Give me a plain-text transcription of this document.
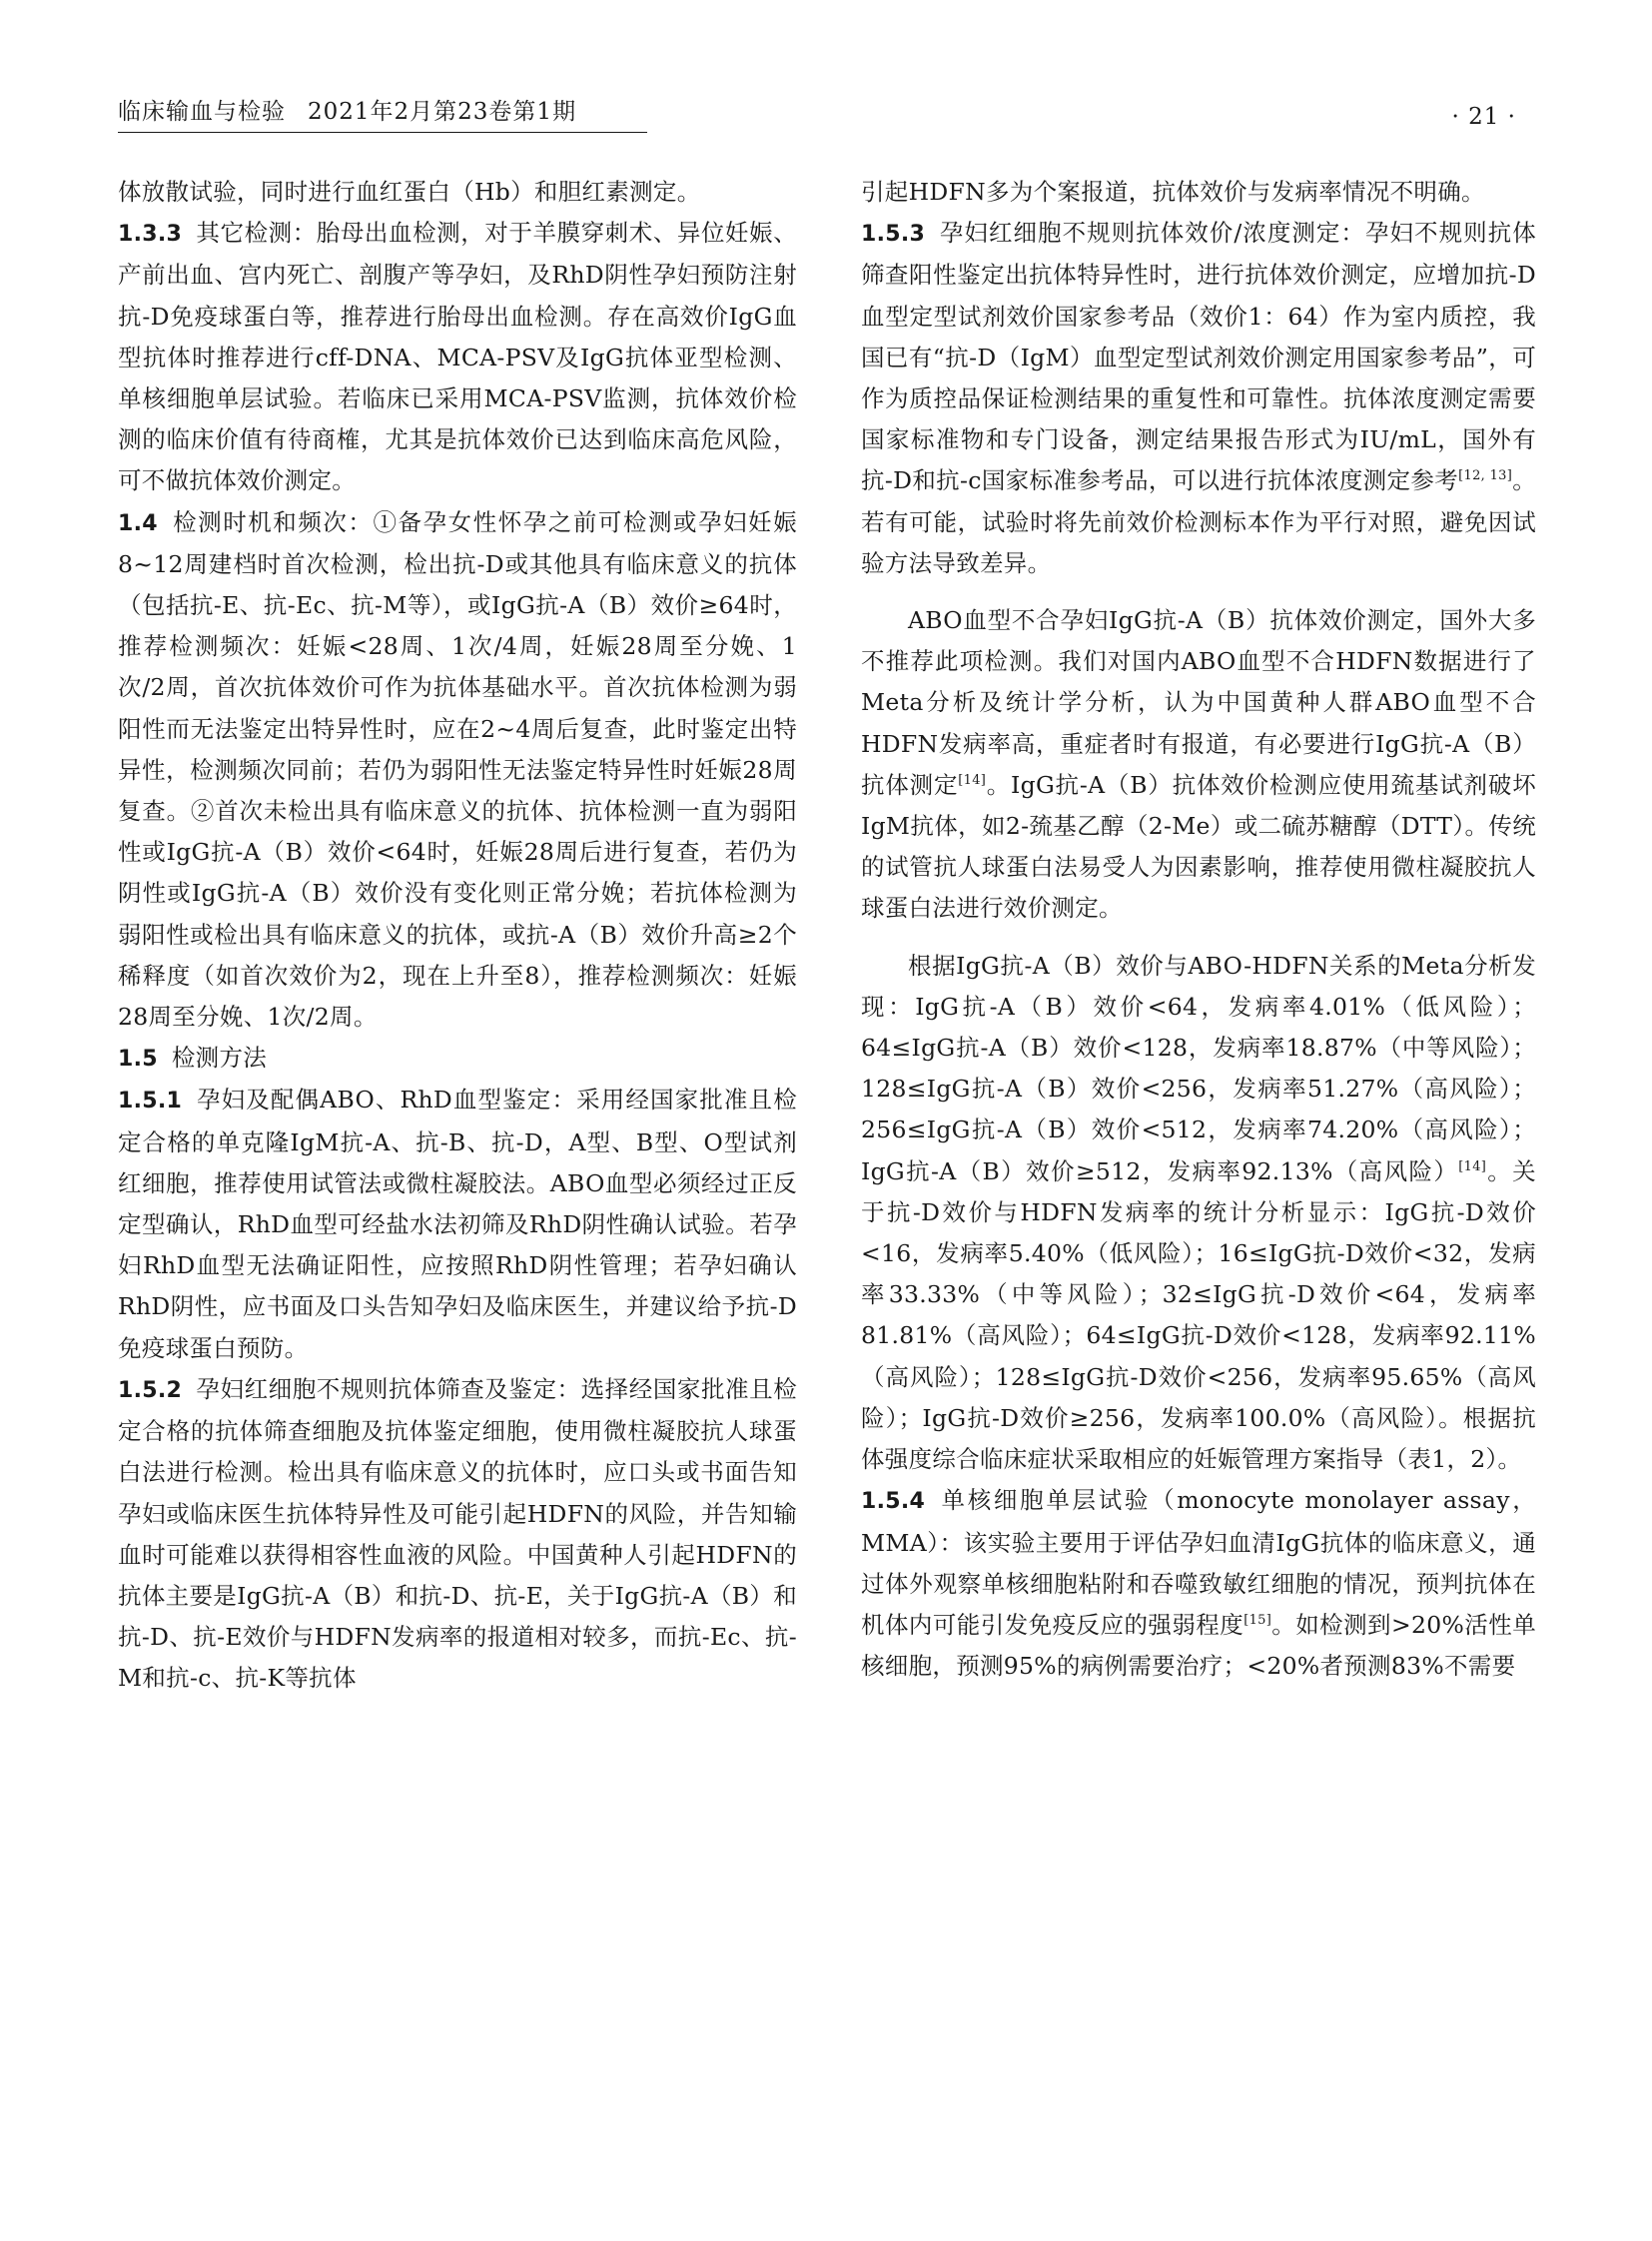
临床输血与检验 2021年2月第23卷第1期	· 21 ·

体放散试验，同时进行血红蛋白（Hb）和胆红素测定。

1.3.3 其它检测：胎母出血检测，对于羊膜穿刺术、异位妊娠、产前出血、宫内死亡、剖腹产等孕妇，及RhD阴性孕妇预防注射抗-D免疫球蛋白等，推荐进行胎母出血检测。存在高效价IgG血型抗体时推荐进行cff-DNA、MCA-PSV及IgG抗体亚型检测、单核细胞单层试验。若临床已采用MCA-PSV监测，抗体效价检测的临床价值有待商榷，尤其是抗体效价已达到临床高危风险，可不做抗体效价测定。

1.4 检测时机和频次：①备孕女性怀孕之前可检测或孕妇妊娠8~12周建档时首次检测，检出抗-D或其他具有临床意义的抗体（包括抗-E、抗-Ec、抗-M等），或IgG抗-A（B）效价≥64时，推荐检测频次：妊娠<28周、1次/4周，妊娠28周至分娩、1次/2周，首次抗体效价可作为抗体基础水平。首次抗体检测为弱阳性而无法鉴定出特异性时，应在2~4周后复查，此时鉴定出特异性，检测频次同前；若仍为弱阳性无法鉴定特异性时妊娠28周复查。②首次未检出具有临床意义的抗体、抗体检测一直为弱阳性或IgG抗-A（B）效价<64时，妊娠28周后进行复查，若仍为阴性或IgG抗-A（B）效价没有变化则正常分娩；若抗体检测为弱阳性或检出具有临床意义的抗体，或抗-A（B）效价升高≥2个稀释度（如首次效价为2，现在上升至8），推荐检测频次：妊娠28周至分娩、1次/2周。

1.5 检测方法

1.5.1 孕妇及配偶ABO、RhD血型鉴定：采用经国家批准且检定合格的单克隆IgM抗-A、抗-B、抗-D，A型、B型、O型试剂红细胞，推荐使用试管法或微柱凝胶法。ABO血型必须经过正反定型确认，RhD血型可经盐水法初筛及RhD阴性确认试验。若孕妇RhD血型无法确证阳性，应按照RhD阴性管理；若孕妇确认RhD阴性，应书面及口头告知孕妇及临床医生，并建议给予抗-D免疫球蛋白预防。

1.5.2 孕妇红细胞不规则抗体筛查及鉴定：选择经国家批准且检定合格的抗体筛查细胞及抗体鉴定细胞，使用微柱凝胶抗人球蛋白法进行检测。检出具有临床意义的抗体时，应口头或书面告知孕妇或临床医生抗体特异性及可能引起HDFN的风险，并告知输血时可能难以获得相容性血液的风险。中国黄种人引起HDFN的抗体主要是IgG抗-A（B）和抗-D、抗-E，关于IgG抗-A（B）和抗-D、抗-E效价与HDFN发病率的报道相对较多，而抗-Ec、抗-M和抗-c、抗-K等抗体

引起HDFN多为个案报道，抗体效价与发病率情况不明确。

1.5.3 孕妇红细胞不规则抗体效价/浓度测定：孕妇不规则抗体筛查阳性鉴定出抗体特异性时，进行抗体效价测定，应增加抗-D血型定型试剂效价国家参考品（效价1：64）作为室内质控，我国已有“抗-D（IgM）血型定型试剂效价测定用国家参考品”，可作为质控品保证检测结果的重复性和可靠性。抗体浓度测定需要国家标准物和专门设备，测定结果报告形式为IU/mL，国外有抗-D和抗-c国家标准参考品，可以进行抗体浓度测定参考[12, 13]。若有可能，试验时将先前效价检测标本作为平行对照，避免因试验方法导致差异。

ABO血型不合孕妇IgG抗-A（B）抗体效价测定，国外大多不推荐此项检测。我们对国内ABO血型不合HDFN数据进行了Meta分析及统计学分析，认为中国黄种人群ABO血型不合HDFN发病率高，重症者时有报道，有必要进行IgG抗-A（B）抗体测定[14]。IgG抗-A（B）抗体效价检测应使用巯基试剂破坏IgM抗体，如2-巯基乙醇（2-Me）或二硫苏糖醇（DTT）。传统的试管抗人球蛋白法易受人为因素影响，推荐使用微柱凝胶抗人球蛋白法进行效价测定。

根据IgG抗-A（B）效价与ABO-HDFN关系的Meta分析发现：IgG抗-A（B）效价<64，发病率4.01%（低风险）；64≤IgG抗-A（B）效价<128，发病率18.87%（中等风险）；128≤IgG抗-A（B）效价<256，发病率51.27%（高风险）；256≤IgG抗-A（B）效价<512，发病率74.20%（高风险）；IgG抗-A（B）效价≥512，发病率92.13%（高风险）[14]。关于抗-D效价与HDFN发病率的统计分析显示：IgG抗-D效价<16，发病率5.40%（低风险）；16≤IgG抗-D效价<32，发病率33.33%（中等风险）；32≤IgG抗-D效价<64，发病率81.81%（高风险）；64≤IgG抗-D效价<128，发病率92.11%（高风险）；128≤IgG抗-D效价<256，发病率95.65%（高风险）；IgG抗-D效价≥256，发病率100.0%（高风险）。根据抗体强度综合临床症状采取相应的妊娠管理方案指导（表1，2）。

1.5.4 单核细胞单层试验（monocyte monolayer assay，MMA）：该实验主要用于评估孕妇血清IgG抗体的临床意义，通过体外观察单核细胞粘附和吞噬致敏红细胞的情况，预判抗体在机体内可能引发免疫反应的强弱程度[15]。如检测到>20%活性单核细胞，预测95%的病例需要治疗；<20%者预测83%不需要
